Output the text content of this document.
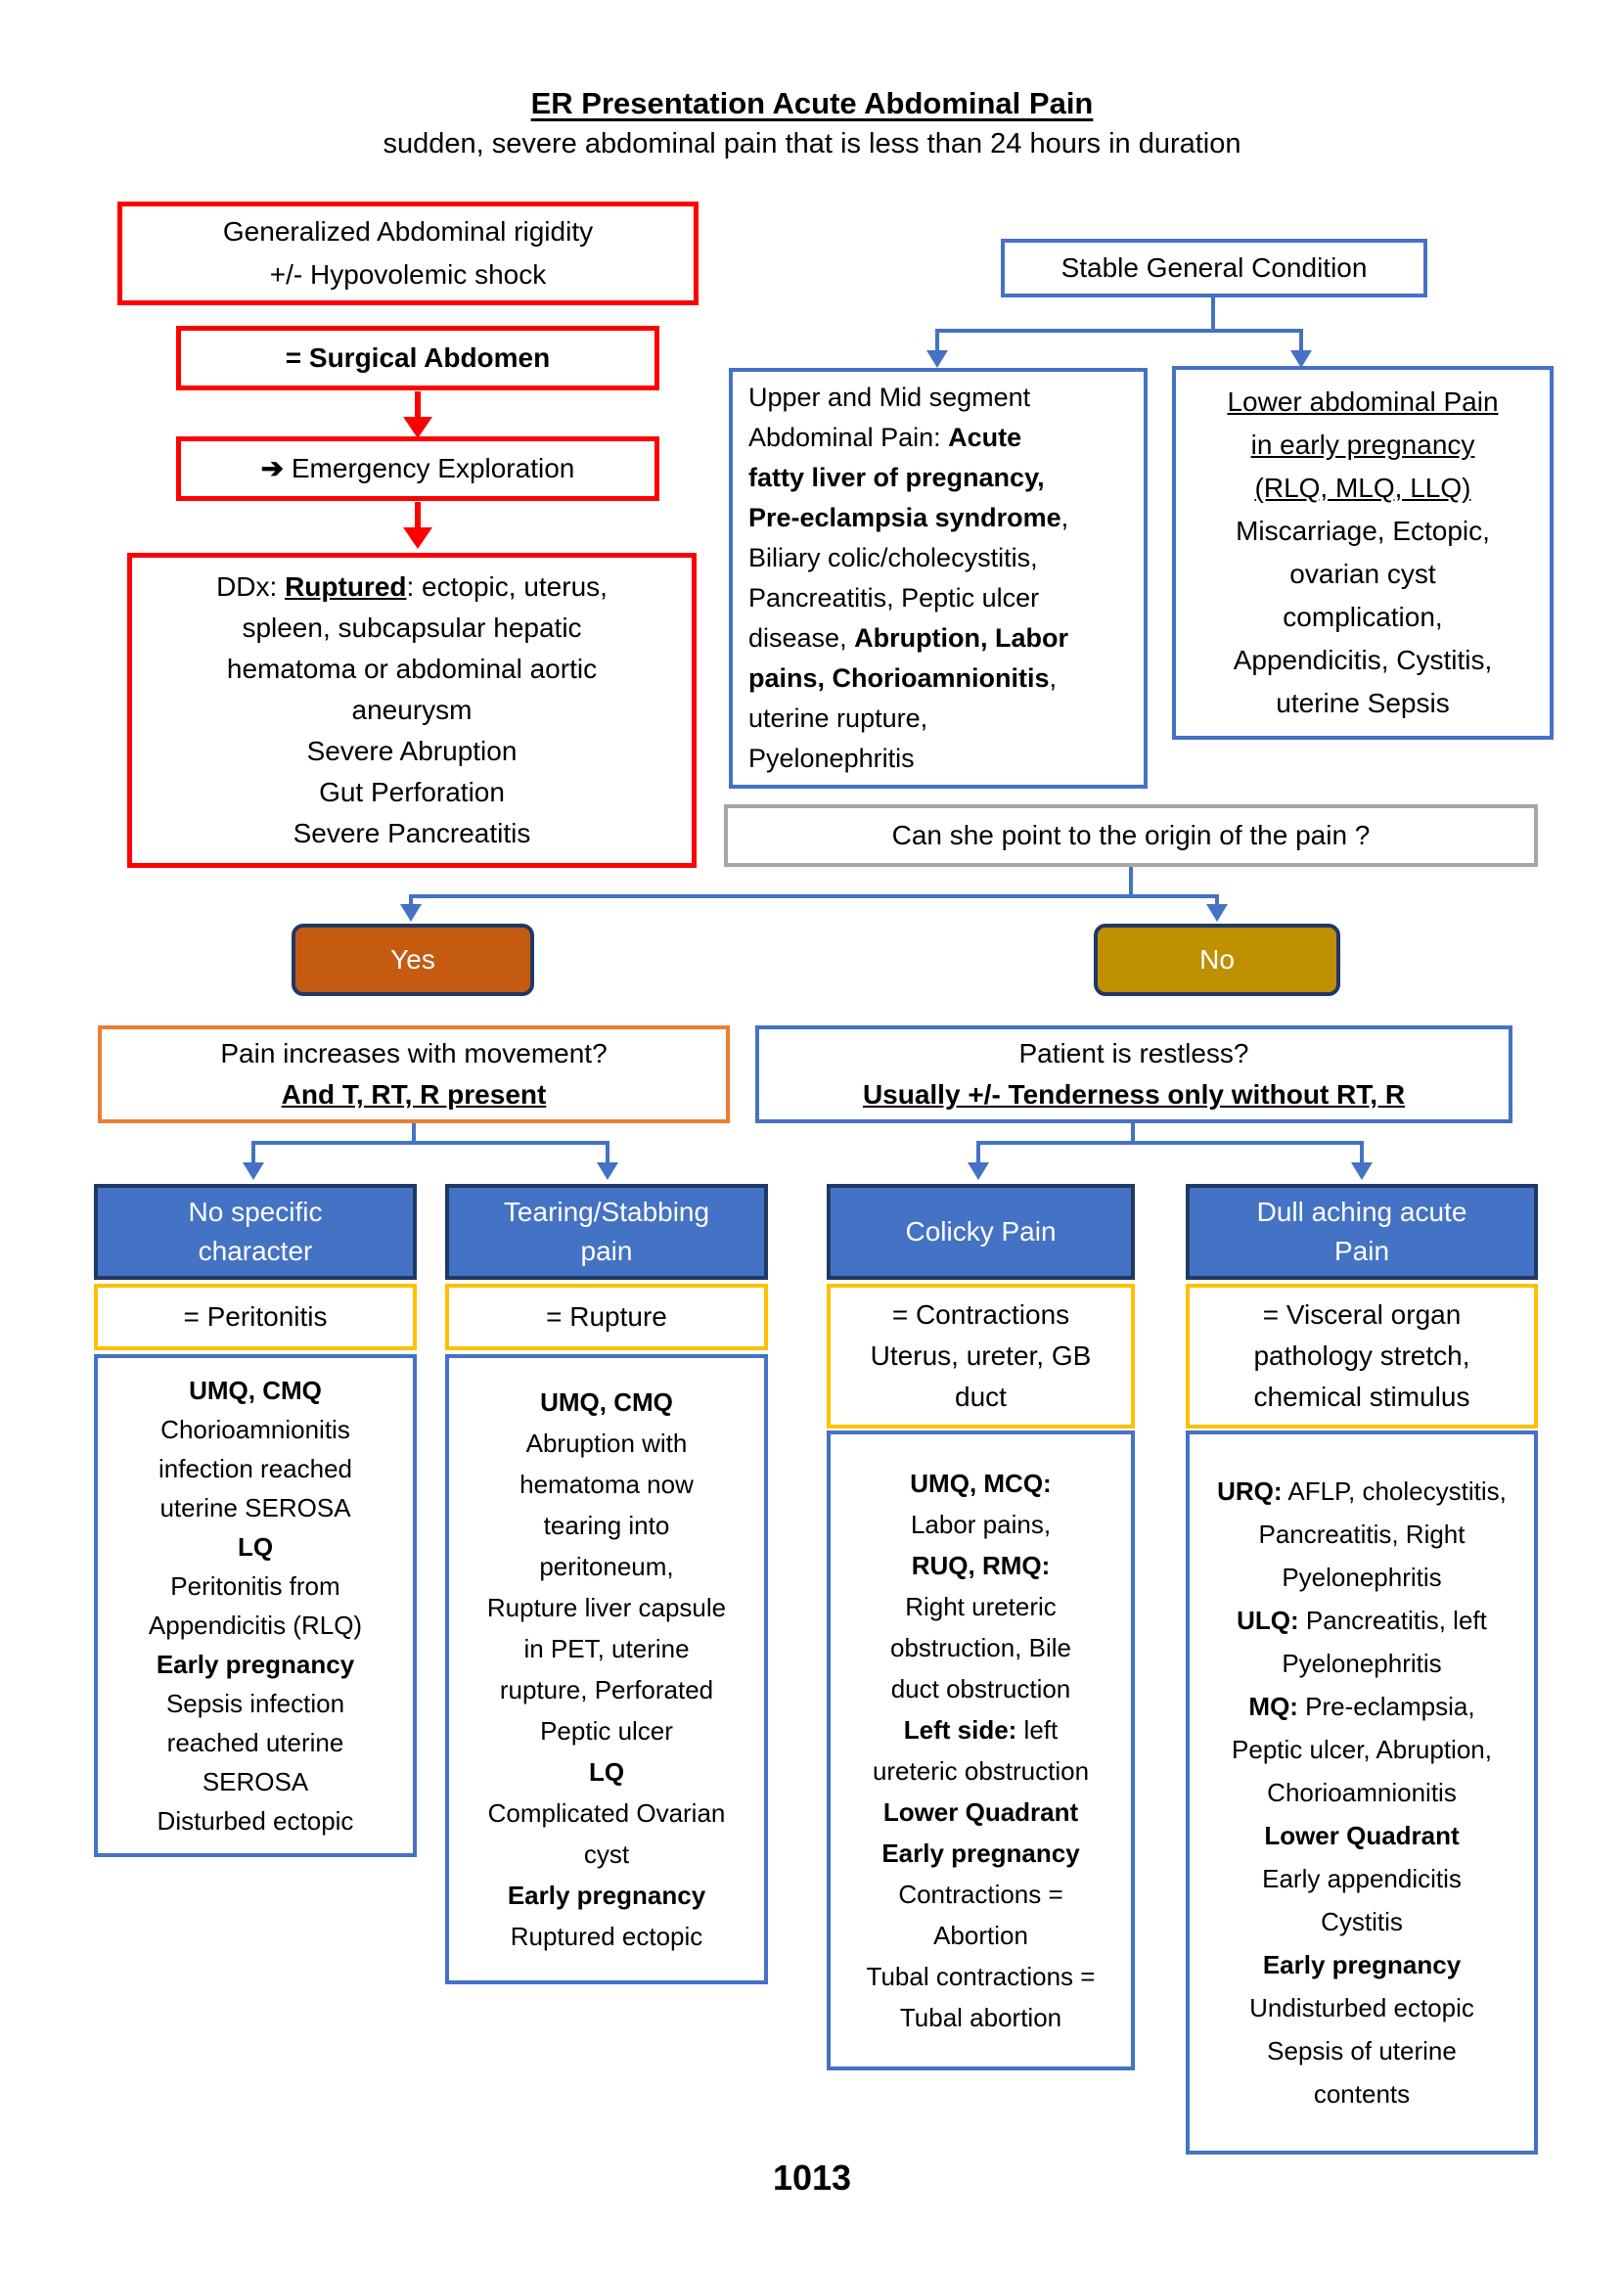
ER Presentation Acute Abdominal Pain
sudden, severe abdominal pain that is less than 24 hours in duration
Generalized Abdominal rigidity
+/- Hypovolemic shock
= Surgical Abdomen
➔ Emergency Exploration
DDx: Ruptured: ectopic, uterus,
spleen, subcapsular hepatic
hematoma or abdominal aortic
aneurysm
Severe Abruption
Gut Perforation
Severe Pancreatitis
Stable General Condition
Upper and Mid segment
Abdominal Pain: Acute
fatty liver of pregnancy,
Pre-eclampsia syndrome,
Biliary colic/cholecystitis,
Pancreatitis, Peptic ulcer
disease, Abruption, Labor
pains, Chorioamnionitis,
uterine rupture,
Pyelonephritis
Lower abdominal Pain
in early pregnancy
(RLQ, MLQ, LLQ)
Miscarriage, Ectopic,
ovarian cyst
complication,
Appendicitis, Cystitis,
uterine Sepsis
Can she point to the origin of the pain ?
Yes	No
Pain increases with movement?
And T, RT, R present
Patient is restless?
Usually +/- Tenderness only without RT, R
No specific
character
= Peritonitis
UMQ, CMQ
Chorioamnionitis
infection reached
uterine SEROSA
LQ
Peritonitis from
Appendicitis (RLQ)
Early pregnancy
Sepsis infection
reached uterine
SEROSA
Disturbed ectopic
Tearing/Stabbing
pain
= Rupture
UMQ, CMQ
Abruption with
hematoma now
tearing into
peritoneum,
Rupture liver capsule
in PET, uterine
rupture, Perforated
Peptic ulcer
LQ
Complicated Ovarian
cyst
Early pregnancy
Ruptured ectopic
Colicky Pain
= Contractions
Uterus, ureter, GB
duct
UMQ, MCQ:
Labor pains,
RUQ, RMQ:
Right ureteric
obstruction, Bile
duct obstruction
Left side: left
ureteric obstruction
Lower Quadrant
Early pregnancy
Contractions =
Abortion
Tubal contractions =
Tubal abortion
Dull aching acute
Pain
= Visceral organ
pathology stretch,
chemical stimulus
URQ: AFLP, cholecystitis,
Pancreatitis, Right
Pyelonephritis
ULQ: Pancreatitis, left
Pyelonephritis
MQ: Pre-eclampsia,
Peptic ulcer, Abruption,
Chorioamnionitis
Lower Quadrant
Early appendicitis
Cystitis
Early pregnancy
Undisturbed ectopic
Sepsis of uterine
contents
1013
